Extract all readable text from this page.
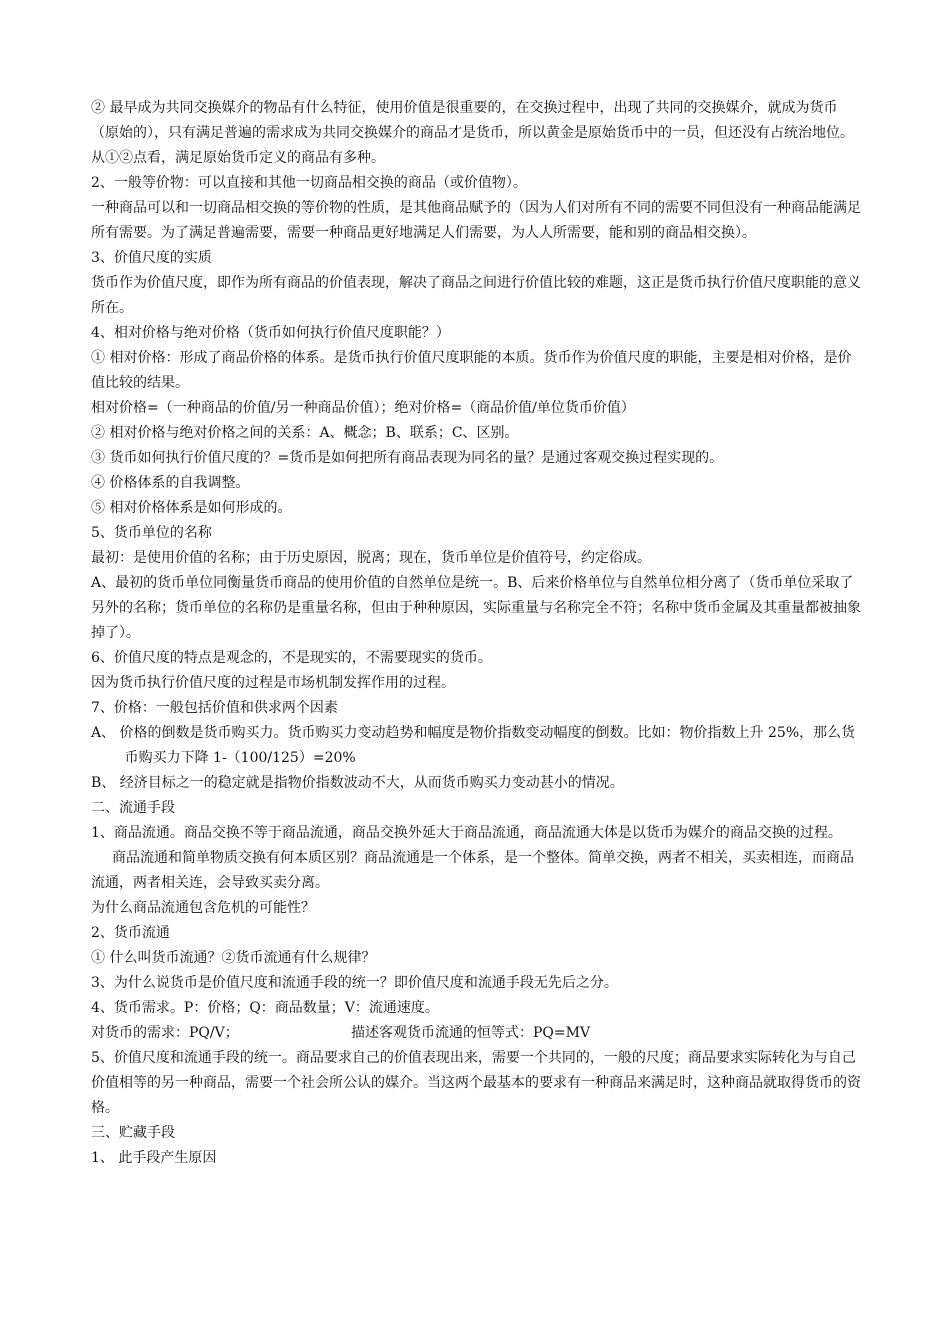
② 最早成为共同交换媒介的物品有什么特征，使用价值是很重要的，在交换过程中，出现了共同的交换媒介，就成为货币（原始的），只有满足普遍的需求成为共同交换媒介的商品才是货币，所以黄金是原始货币中的一员，但还没有占统治地位。

从①②点看，满足原始货币定义的商品有多种。

2、一般等价物：可以直接和其他一切商品相交换的商品（或价值物）。

一种商品可以和一切商品相交换的等价物的性质，是其他商品赋予的（因为人们对所有不同的需要不同但没有一种商品能满足所有需要。为了满足普遍需要，需要一种商品更好地满足人们需要，为人人所需要，能和别的商品相交换）。

3、价值尺度的实质

货币作为价值尺度，即作为所有商品的价值表现，解决了商品之间进行价值比较的难题，这正是货币执行价值尺度职能的意义所在。

4、相对价格与绝对价格（货币如何执行价值尺度职能？）

① 相对价格：形成了商品价格的体系。是货币执行价值尺度职能的本质。货币作为价值尺度的职能，主要是相对价格，是价值比较的结果。

相对价格=（一种商品的价值/另一种商品价值）；绝对价格=（商品价值/单位货币价值）

② 相对价格与绝对价格之间的关系：A、概念；B、联系；C、区别。

③ 货币如何执行价值尺度的？=货币是如何把所有商品表现为同名的量？是通过客观交换过程实现的。

④ 价格体系的自我调整。

⑤ 相对价格体系是如何形成的。

5、货币单位的名称

最初：是使用价值的名称；由于历史原因，脱离；现在，货币单位是价值符号，约定俗成。

A、最初的货币单位同衡量货币商品的使用价值的自然单位是统一。B、后来价格单位与自然单位相分离了（货币单位采取了另外的名称；货币单位的名称仍是重量名称，但由于种种原因，实际重量与名称完全不符；名称中货币金属及其重量都被抽象掉了）。

6、价值尺度的特点是观念的，不是现实的，不需要现实的货币。

因为货币执行价值尺度的过程是市场机制发挥作用的过程。

7、价格：一般包括价值和供求两个因素

A、 价格的倒数是货币购买力。货币购买力变动趋势和幅度是物价指数变动幅度的倒数。比如：物价指数上升 25%，那么货币购买力下降 1-（100/125）=20%

B、 经济目标之一的稳定就是指物价指数波动不大，从而货币购买力变动甚小的情况。

二、流通手段

1、商品流通。商品交换不等于商品流通，商品交换外延大于商品流通，商品流通大体是以货币为媒介的商品交换的过程。

商品流通和简单物质交换有何本质区别？商品流通是一个体系，是一个整体。简单交换，两者不相关，买卖相连，而商品流通，两者相关连，会导致买卖分离。

为什么商品流通包含危机的可能性？

2、货币流通

① 什么叫货币流通？②货币流通有什么规律？

3、为什么说货币是价值尺度和流通手段的统一？即价值尺度和流通手段无先后之分。

4、货币需求。P：价格；Q：商品数量；V：流通速度。

对货币的需求：PQ/V；	描述客观货币流通的恒等式：PQ=MV

5、价值尺度和流通手段的统一。商品要求自己的价值表现出来，需要一个共同的，一般的尺度；商品要求实际转化为与自己价值相等的另一种商品，需要一个社会所公认的媒介。当这两个最基本的要求有一种商品来满足时，这种商品就取得货币的资格。

三、贮藏手段

1、 此手段产生原因
